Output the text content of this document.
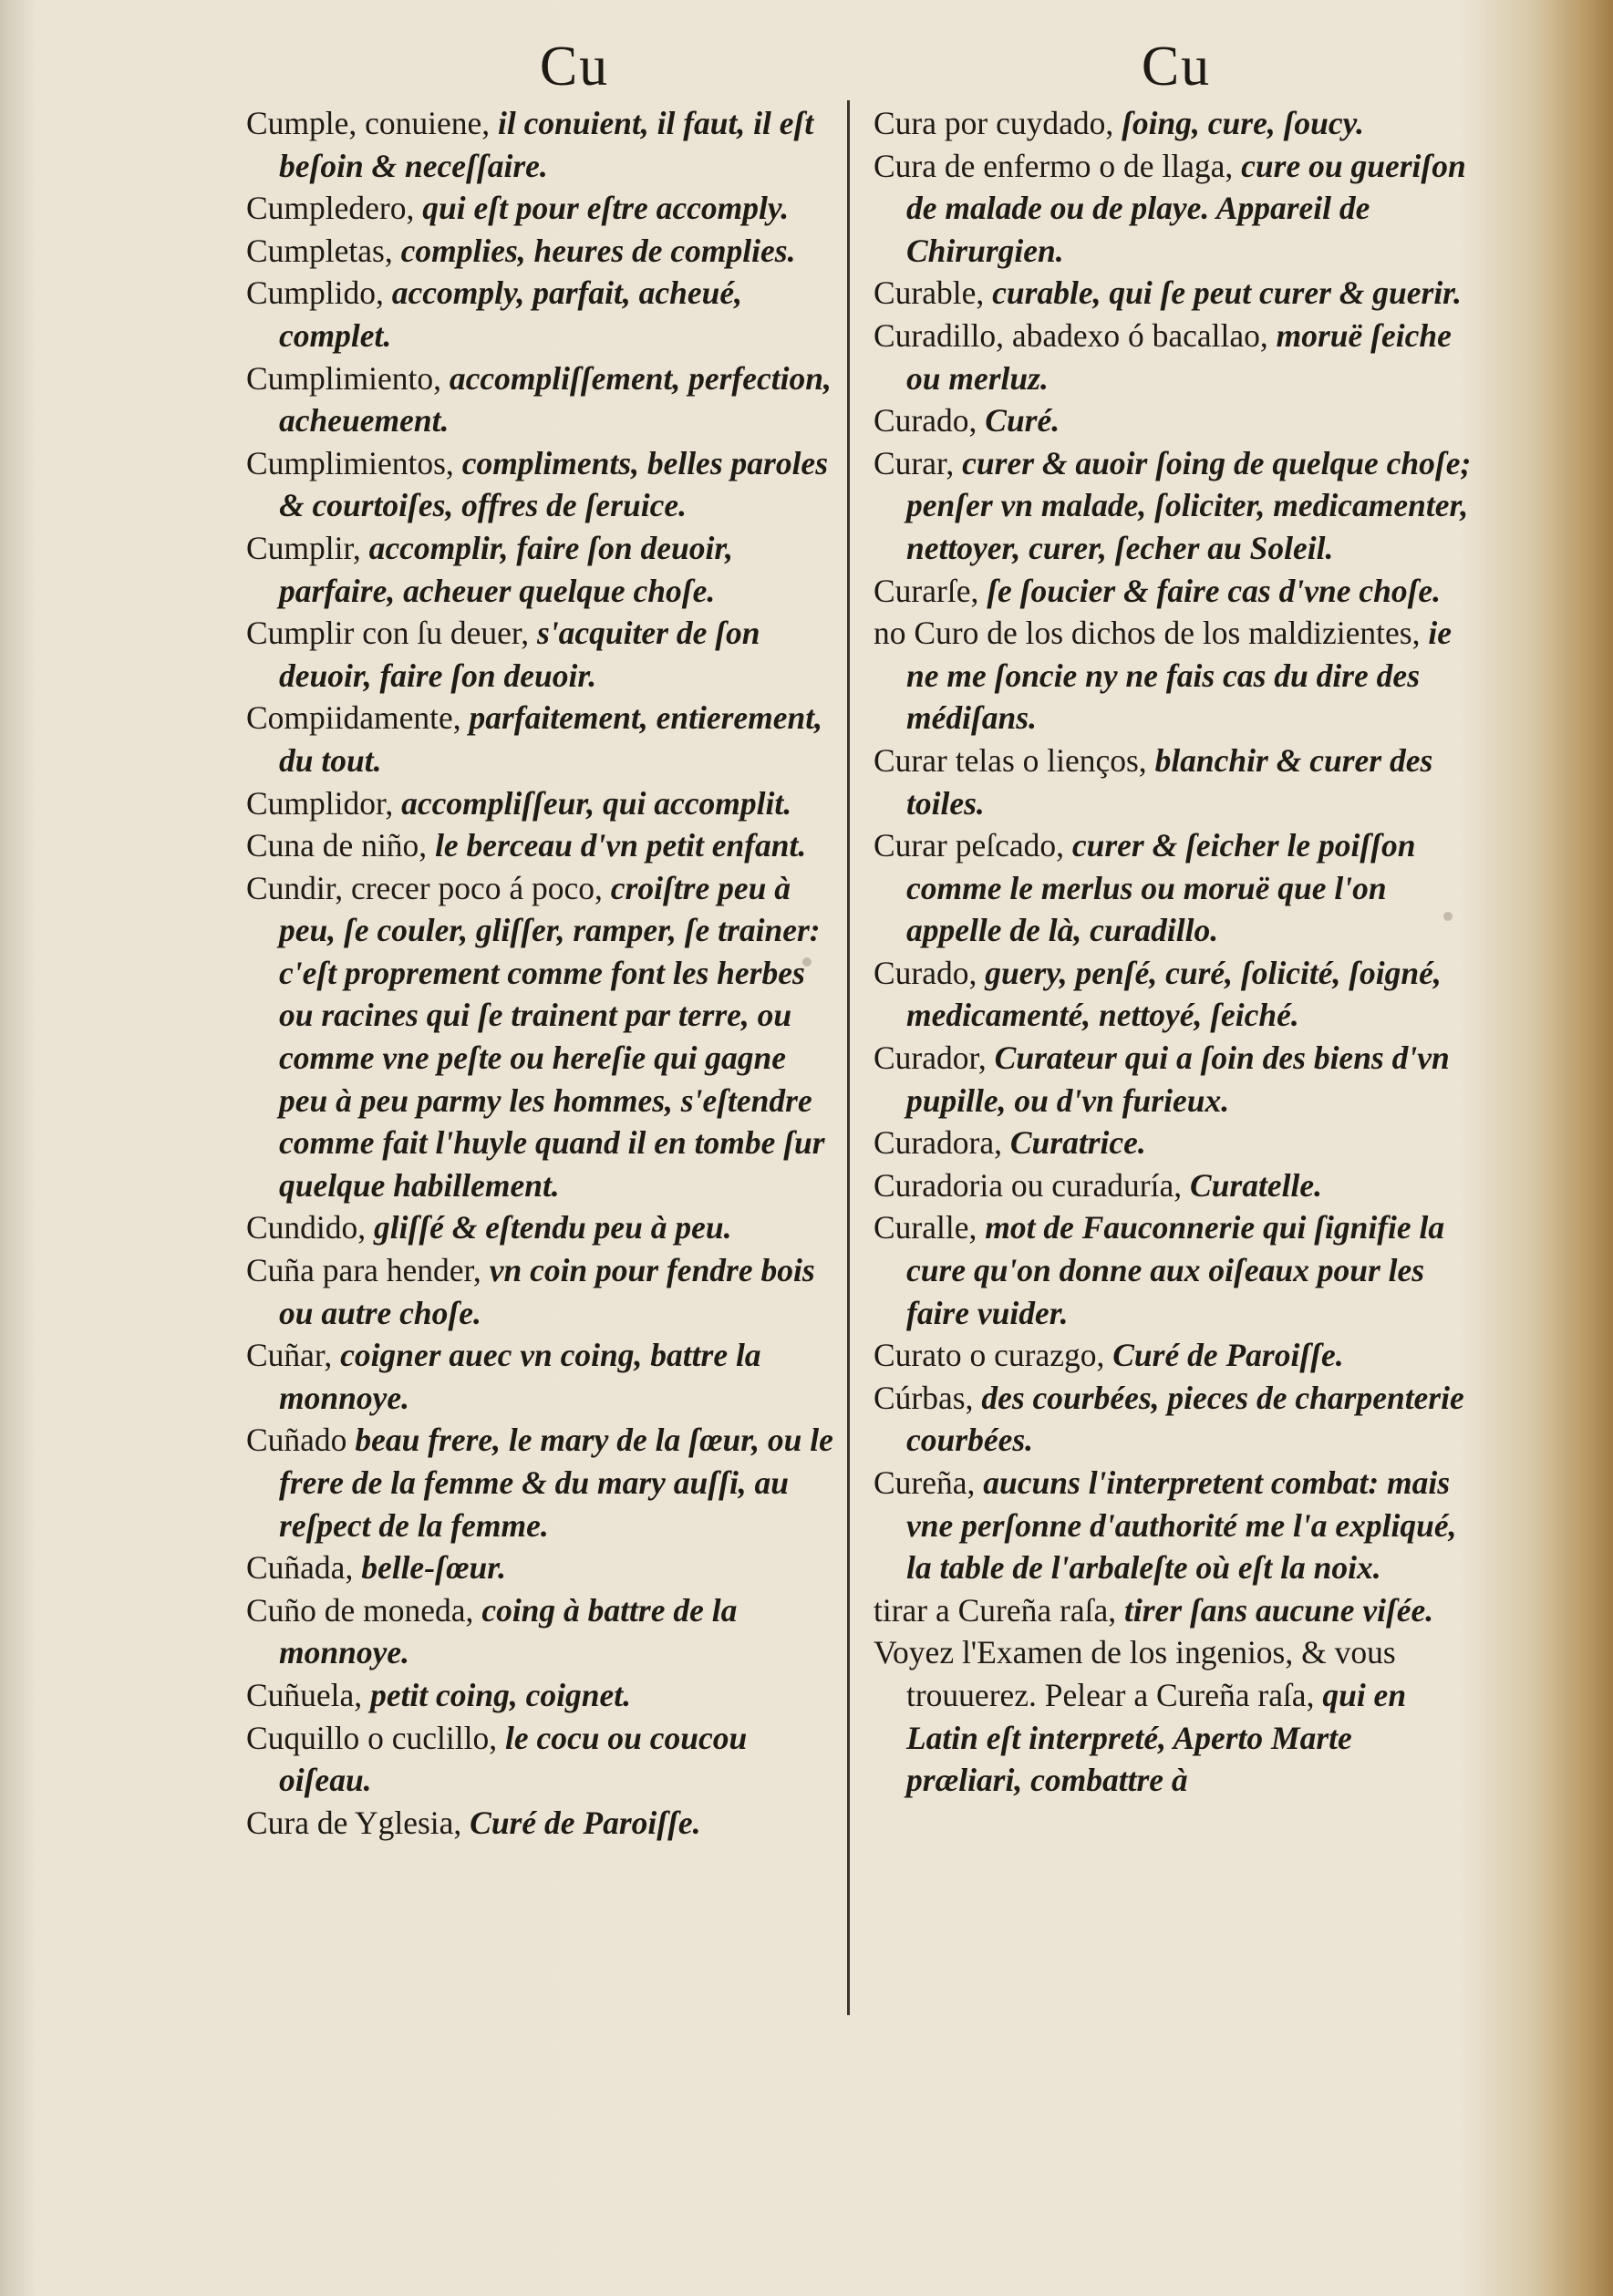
Cu	Cu

Cumple, conuiene, il conuient, il faut, il eſt beſoin & neceſſaire.

Cumpledero, qui eſt pour eſtre accomply.

Cumpletas, complies, heures de complies.

Cumplido, accomply, parfait, acheué, complet.

Cumplimiento, accompliſſement, perfection, acheuement.

Cumplimientos, compliments, belles paroles & courtoiſes, offres de ſeruice.

Cumplir, accomplir, faire ſon deuoir, parfaire, acheuer quelque choſe.

Cumplir con ſu deuer, s'acquiter de ſon deuoir, faire ſon deuoir.

Compiidamente, parfaitement, entierement, du tout.

Cumplidor, accompliſſeur, qui accomplit.

Cuna de niño, le berceau d'vn petit enfant.

Cundir, crecer poco á poco, croiſtre peu à peu, ſe couler, gliſſer, ramper, ſe trainer: c'eſt proprement comme font les herbes ou racines qui ſe trainent par terre, ou comme vne peſte ou hereſie qui gagne peu à peu parmy les hommes, s'eſtendre comme fait l'huyle quand il en tombe ſur quelque habillement.

Cundido, gliſſé & eſtendu peu à peu.

Cuña para hender, vn coin pour fendre bois ou autre choſe.

Cuñar, coigner auec vn coing, battre la monnoye.

Cuñado beau frere, le mary de la ſœur, ou le frere de la femme & du mary auſſi, au reſpect de la femme.

Cuñada, belle-ſœur.

Cuño de moneda, coing à battre de la monnoye.

Cuñuela, petit coing, coignet.

Cuquillo o cuclillo, le cocu ou coucou oiſeau.

Cura de Yglesia, Curé de Paroiſſe.

Cura por cuydado, ſoing, cure, ſoucy.

Cura de enfermo o de llaga, cure ou gueriſon de malade ou de playe. Appareil de Chirurgien.

Curable, curable, qui ſe peut curer & guerir.

Curadillo, abadexo ó bacallao, moruë ſeiche ou merluz.

Curado, Curé.

Curar, curer & auoir ſoing de quelque choſe; penſer vn malade, ſoliciter, medicamenter, nettoyer, curer, ſecher au Soleil.

Curarſe, ſe ſoucier & faire cas d'vne choſe.

no Curo de los dichos de los maldizientes, ie ne me ſoncie ny ne fais cas du dire des médiſans.

Curar telas o lienços, blanchir & curer des toiles.

Curar peſcado, curer & ſeicher le poiſſon comme le merlus ou moruë que l'on appelle de là, curadillo.

Curado, guery, penſé, curé, ſolicité, ſoigné, medicamenté, nettoyé, ſeiché.

Curador, Curateur qui a ſoin des biens d'vn pupille, ou d'vn furieux.

Curadora, Curatrice.

Curadoria ou curaduría, Curatelle.

Curalle, mot de Fauconnerie qui ſignifie la cure qu'on donne aux oiſeaux pour les faire vuider.

Curato o curazgo, Curé de Paroiſſe.

Cúrbas, des courbées, pieces de charpenterie courbées.

Cureña, aucuns l'interpretent combat: mais vne perſonne d'authorité me l'a expliqué, la table de l'arbaleſte où eſt la noix.

tirar a Cureña raſa, tirer ſans aucune viſée.

Voyez l'Examen de los ingenios, & vous trouuerez. Pelear a Cureña raſa, qui en Latin eſt interpreté, Aperto Marte præliari, combattre à
